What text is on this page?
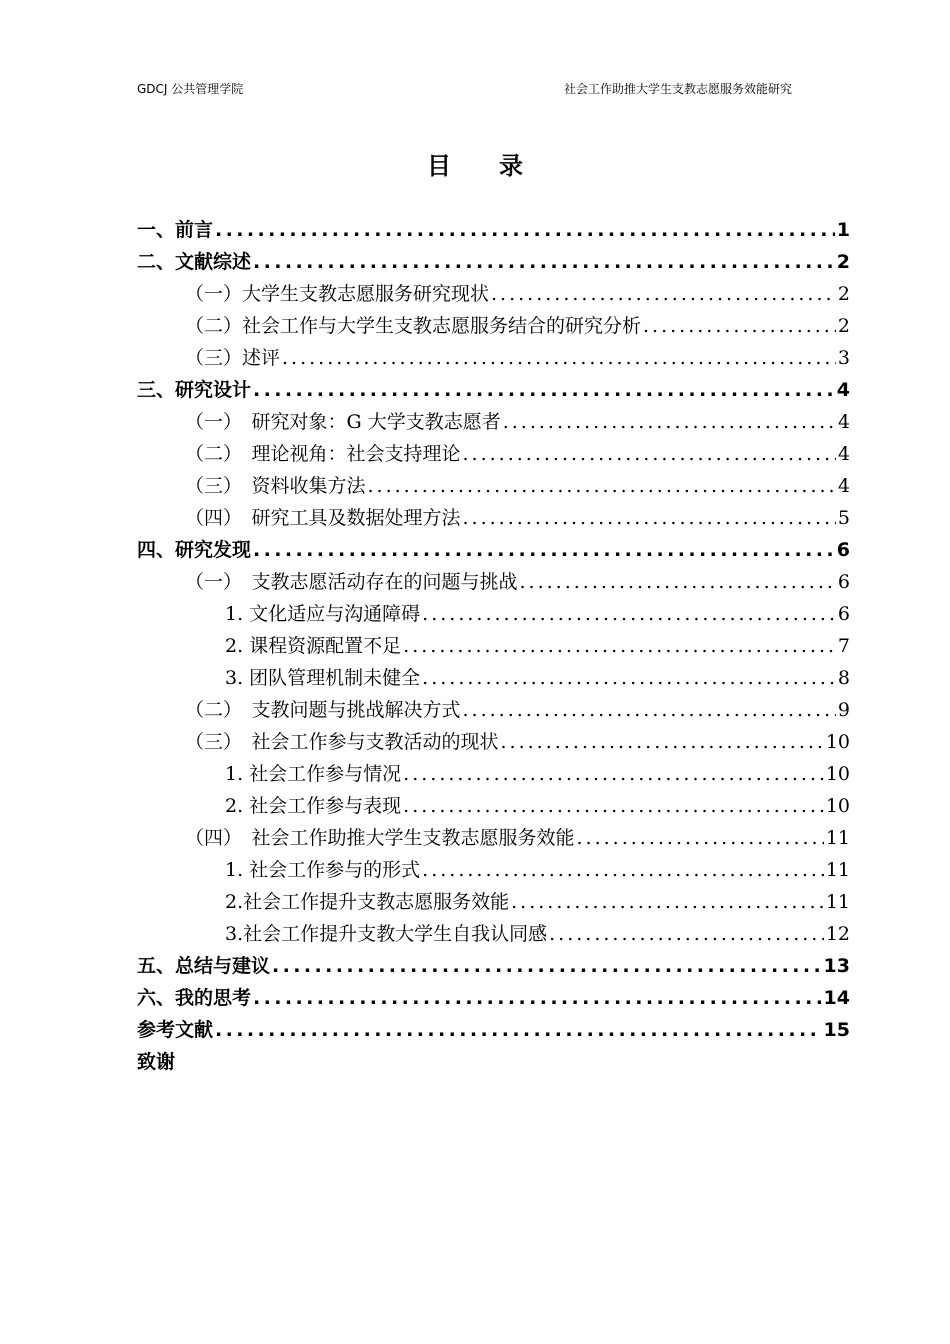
GDCJ 公共管理学院	社会工作助推大学生支教志愿服务效能研究
目录
一、前言 .....	1
二、文献综述 .....	2
（一）大学生支教志愿服务研究现状 .....	2
（二）社会工作与大学生支教志愿服务结合的研究分析 .....	2
（三）述评 .....	3
三、研究设计 .....	4
（一）　研究对象：G 大学支教志愿者 .....	4
（二）　理论视角：社会支持理论 .....	4
（三）　资料收集方法 .....	4
（四）　研究工具及数据处理方法 .....	5
四、研究发现 .....	6
（一）　支教志愿活动存在的问题与挑战 .....	6
1. 文化适应与沟通障碍 .....	6
2. 课程资源配置不足 .....	7
3. 团队管理机制未健全 .....	8
（二）　支教问题与挑战解决方式 .....	9
（三）　社会工作参与支教活动的现状 .....	10
1. 社会工作参与情况 .....	10
2. 社会工作参与表现 .....	10
（四）　社会工作助推大学生支教志愿服务效能 .....	11
1. 社会工作参与的形式 .....	11
2.社会工作提升支教志愿服务效能 .....	11
3.社会工作提升支教大学生自我认同感 .....	12
五、总结与建议 .....	13
六、我的思考 .....	14
参考文献 .....	15
致谢
